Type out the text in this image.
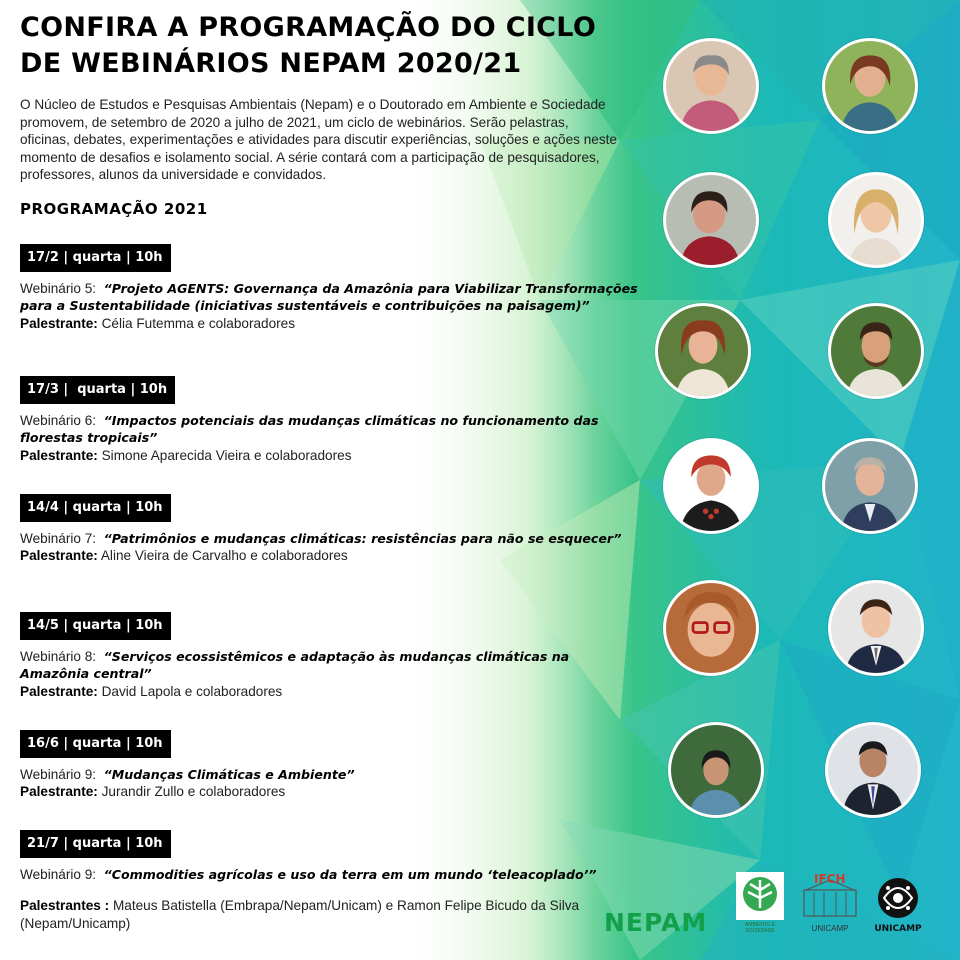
CONFIRA A PROGRAMAÇÃO DO CICLO
DE WEBINÁRIOS NEPAM 2020/21

O Núcleo de Estudos e Pesquisas Ambientais (Nepam) e o Doutorado em Ambiente e Sociedade promovem, de setembro de 2020 a julho de 2021, um ciclo de webinários. Serão pelastras, oficinas, debates, experimentações e atividades para discutir experiências, soluções e ações neste momento de desafios e isolamento social. A série contará com a participação de pesquisadores, professores, alunos da universidade e convidados.

PROGRAMAÇÃO 2021
17/2 | quarta | 10h
Webinário 5: “Projeto AGENTS: Governança da Amazônia para Viabilizar Transformações para a Sustentabilidade (iniciativas sustentáveis e contribuições na paisagem)”
Palestrante: Célia Futemma e colaboradores
17/3 |  quarta | 10h
Webinário 6: “Impactos potenciais das mudanças climáticas no funcionamento das florestas tropicais”
Palestrante: Simone Aparecida Vieira e colaboradores
14/4 | quarta | 10h
Webinário 7: “Patrimônios e mudanças climáticas: resistências para não se esquecer”
Palestrante: Aline Vieira de Carvalho e colaboradores
14/5 | quarta | 10h
Webinário 8: “Serviços ecossistêmicos e adaptação às mudanças climáticas na Amazônia central”
Palestrante: David Lapola e colaboradores
16/6 | quarta | 10h
Webinário 9: “Mudanças Climáticas e Ambiente”
Palestrante: Jurandir Zullo e colaboradores
21/7 | quarta | 10h
Webinário 9: “Commodities agrícolas e uso da terra em um mundo ‘teleacoplado’”

Palestrantes : Mateus Batistella (Embrapa/Nepam/Unicam) e Ramon Felipe Bicudo da Silva (Nepam/Unicamp)	NEPAM	AMBIENTE E SOCIEDADE
IFCH
UNICAMP	UNICAMP
